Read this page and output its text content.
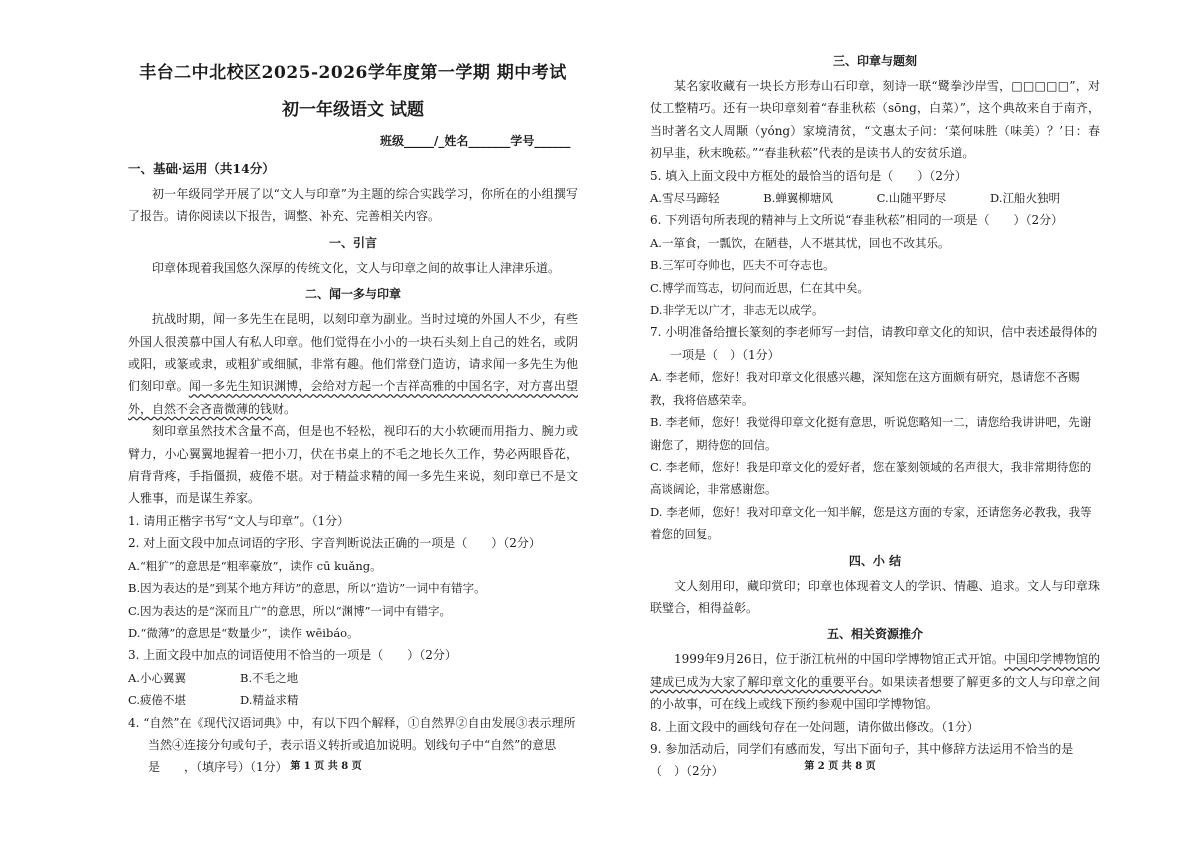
丰台二中北校区2025-2026学年度第一学期 期中考试
初一年级语文 试题
班级_____/_姓名_______学号______
一、基础·运用（共14分）

初一年级同学开展了以“文人与印章”为主题的综合实践学习，你所在的小组撰写了报告。请你阅读以下报告，调整、补充、完善相关内容。

一、引言

印章体现着我国悠久深厚的传统文化，文人与印章之间的故事让人津津乐道。

二、闻一多与印章

抗战时期，闻一多先生在昆明，以刻印章为副业。当时过境的外国人不少，有些外国人很羡慕中国人有私人印章。他们觉得在小小的一块石头刻上自己的姓名，或阴或阳，或篆或隶，或粗犷或细腻，非常有趣。他们常登门造访，请求闻一多先生为他们刻印章。闻一多先生知识渊博，会给对方起一个吉祥高雅的中国名字，对方喜出望外，自然不会吝啬微薄的钱财。

刻印章虽然技术含量不高，但是也不轻松，视印石的大小软硬而用指力、腕力或臂力，小心翼翼地握着一把小刀，伏在书桌上的不毛之地长久工作，势必两眼昏花，肩背背疼，手指僵损，疲倦不堪。对于精益求精的闻一多先生来说，刻印章已不是文人雅事，而是谋生养家。

1. 请用正楷字书写“文人与印章”。（1分）
2. 对上面文段中加点词语的字形、字音判断说法正确的一项是（　　）（2分）
A.“粗犷”的意思是“粗率豪放”，读作 cū kuǎng。
B.因为表达的是“到某个地方拜访”的意思，所以“造访”一词中有错字。
C.因为表达的是“深而且广”的意思，所以“渊博”一词中有错字。
D.“微薄”的意思是“数量少”，读作 wēibáo。
3. 上面文段中加点的词语使用不恰当的一项是（　　）（2分）
A.小心翼翼	B.不毛之地
C.疲倦不堪	D.精益求精
4. “自然”在《现代汉语词典》中，有以下四个解释，①自然界②自由发展③表示理所当然④连接分句或句子，表示语义转折或追加说明。划线句子中“自然”的意思是　　，（填序号）（1分） 第 1 页 共 8 页
三、印章与题刻

某名家收藏有一块长方形寿山石印章，刻诗一联“鹭拳沙岸雪，□□□□□”，对仗工整精巧。还有一块印章刻着“春韭秋菘（sōng，白菜）”，这个典故来自于南齐，当时著名文人周颙（yóng）家境清贫，“文惠太子问：‘菜何味胜（味美）？’日：春初早韭，秋末晚菘。”“春韭秋菘”代表的是读书人的安贫乐道。

5. 填入上面文段中方框处的最恰当的语句是（　　）（2分）
A.雪尽马蹄轻	B.蝉翼柳塘风	C.山随平野尽	D.江船火独明
6. 下列语句所表现的精神与上文所说“春韭秋菘”相同的一项是（　　）（2分）
A.一箪食，一瓢饮，在陋巷，人不堪其忧，回也不改其乐。
B.三军可夺帅也，匹夫不可夺志也。
C.博学而笃志，切问而近思，仁在其中矣。
D.非学无以广才，非志无以成学。
7. 小明准备给擅长篆刻的李老师写一封信，请教印章文化的知识，信中表述最得体的一项是（　）（1分）
A. 李老师，您好！我对印章文化很感兴趣，深知您在这方面颇有研究，恳请您不吝赐教，我将倍感荣幸。
B. 李老师，您好！我觉得印章文化挺有意思，听说您略知一二，请您给我讲讲吧，先谢谢您了，期待您的回信。
C. 李老师，您好！我是印章文化的爱好者，您在篆刻领域的名声很大，我非常期待您的高谈阔论，非常感谢您。
D. 李老师，您好！我对印章文化一知半解，您是这方面的专家，还请您务必教我，我等着您的回复。
四、小 结

文人刻用印，藏印赏印；印章也体现着文人的学识、情趣、追求。文人与印章珠联璧合，相得益彰。

五、相关资源推介

1999年9月26日，位于浙江杭州的中国印学博物馆正式开馆。中国印学博物馆的建成已成为大家了解印章文化的重要平台。如果读者想要了解更多的文人与印章之间的小故事，可在线上或线下预约参观中国印学博物馆。

8. 上面文段中的画线句存在一处问题，请你做出修改。（1分）
9. 参加活动后，同学们有感而发，写出下面句子，其中修辞方法运用不恰当的是（　）（2分）	第 2 页 共 8 页
